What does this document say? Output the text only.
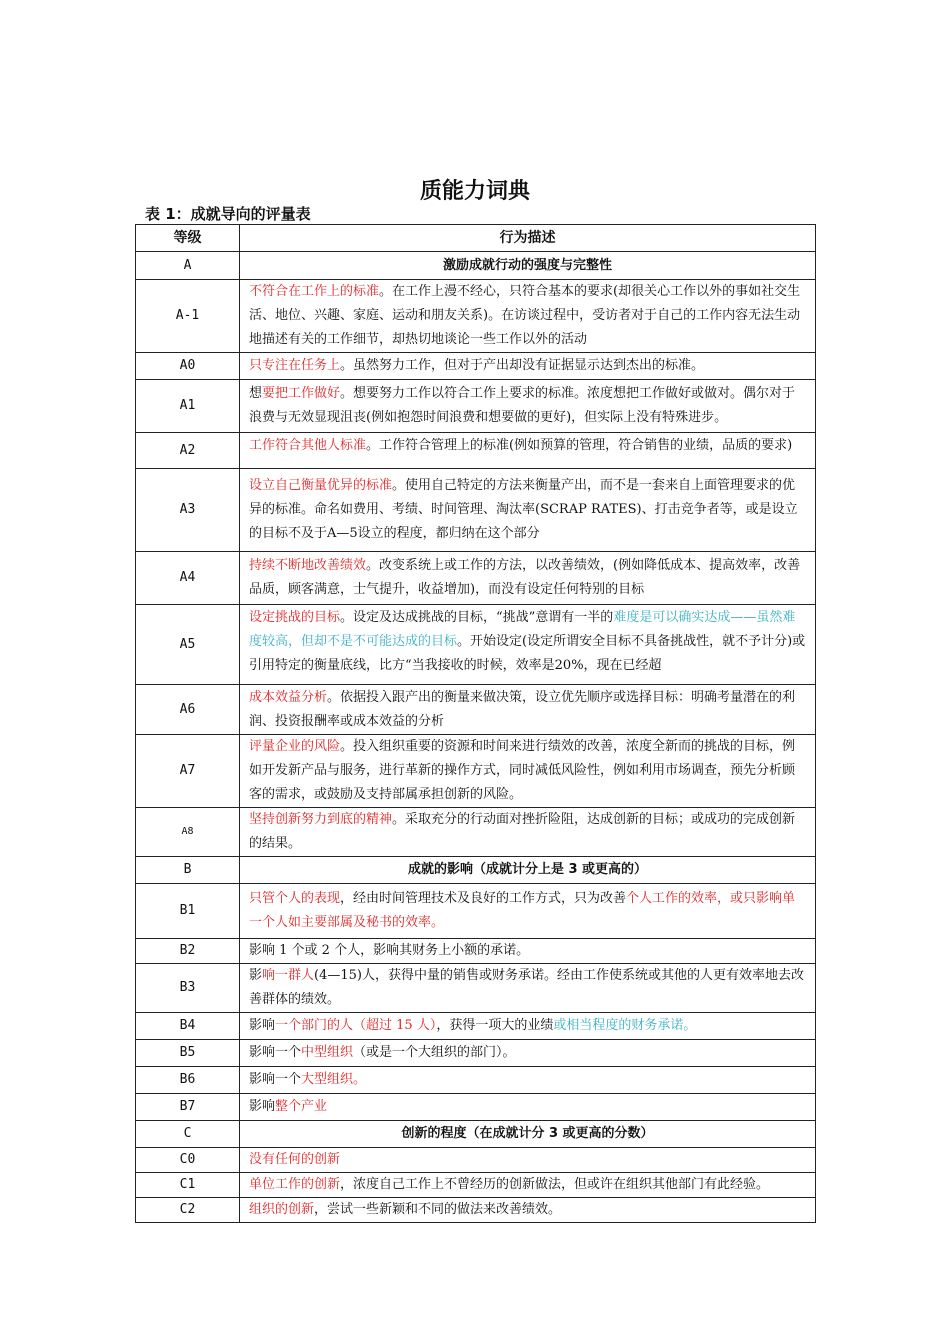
质能力词典
表 1：成就导向的评量表
等级	行为描述
A	激励成就行动的强度与完整性
A-1	不符合在工作上的标准。在工作上漫不经心，只符合基本的要求(却很关心工作以外的事如社交生活、地位、兴趣、家庭、运动和朋友关系)。在访谈过程中，受访者对于自己的工作内容无法生动地描述有关的工作细节，却热切地谈论一些工作以外的活动
A0	只专注在任务上。虽然努力工作，但对于产出却没有证据显示达到杰出的标准。
A1	想要把工作做好。想要努力工作以符合工作上要求的标准。浓度想把工作做好或做对。偶尔对于浪费与无效显现沮丧(例如抱怨时间浪费和想要做的更好)，但实际上没有特殊进步。
A2	工作符合其他人标准。工作符合管理上的标准(例如预算的管理，符合销售的业绩，品质的要求)

A3	设立自己衡量优异的标准。使用自己特定的方法来衡量产出，而不是一套来自上面管理要求的优异的标准。命名如费用、考绩、时间管理、淘汰率(SCRAP RATES)、打击竞争者等，或是设立的目标不及于A—5设立的程度，都归纳在这个部分
A4	持续不断地改善绩效。改变系统上或工作的方法，以改善绩效，(例如降低成本、提高效率，改善品质，顾客满意，士气提升，收益增加)，而没有设定任何特别的目标
A5	设定挑战的目标。设定及达成挑战的目标，“挑战”意谓有一半的难度是可以确实达成——虽然难度较高，但却不是不可能达成的目标。开始设定(设定所谓安全目标不具备挑战性，就不予计分)或引用特定的衡量底线，比方“当我接收的时候，效率是20%，现在已经超

A6	成本效益分析。依据投入跟产出的衡量来做决策，设立优先顺序或选择目标：明确考量潜在的利润、投资报酬率或成本效益的分析
A7	评量企业的风险。投入组织重要的资源和时间来进行绩效的改善，浓度全新而的挑战的目标，例如开发新产品与服务，进行革新的操作方式，同时减低风险性，例如利用市场调查，预先分析顾客的需求，或鼓励及支持部属承担创新的风险。
A8	坚持创新努力到底的精神。采取充分的行动面对挫折险阻，达成创新的目标；或成功的完成创新的结果。
B	成就的影响（成就计分上是 3 或更高的）
B1	只管个人的表现，经由时间管理技术及良好的工作方式，只为改善个人工作的效率，或只影响单一个人如主要部属及秘书的效率。
B2	影响 1 个或 2 个人，影响其财务上小额的承诺。
B3	影响一群人(4—15)人，获得中量的销售或财务承诺。经由工作使系统或其他的人更有效率地去改善群体的绩效。
B4	影响一个部门的人（超过 15 人），获得一项大的业绩或相当程度的财务承诺。
B5	影响一个中型组织（或是一个大组织的部门）。
B6	影响一个大型组织。
B7	影响整个产业
C	创新的程度（在成就计分 3 或更高的分数）
C0	没有任何的创新
C1	单位工作的创新，浓度自己工作上不曾经历的创新做法，但或许在组织其他部门有此经验。
C2	组织的创新，尝试一些新颖和不同的做法来改善绩效。
